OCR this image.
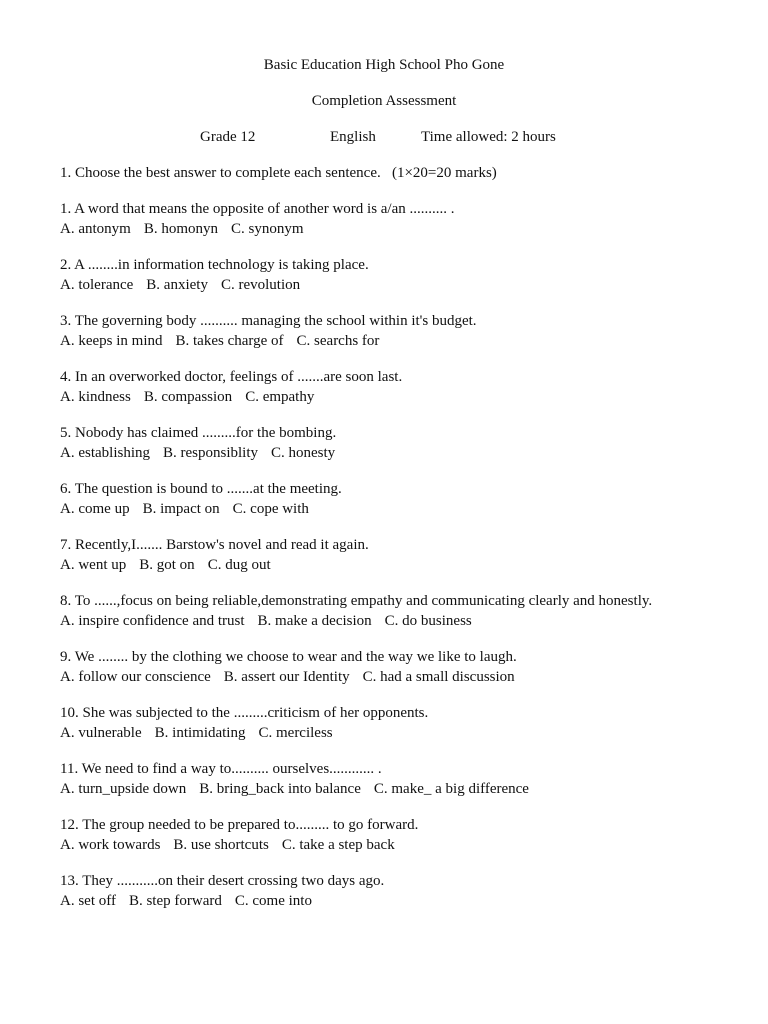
Basic Education High School Pho Gone
Completion Assessment
Grade 12	English	Time allowed: 2 hours
1. Choose the best answer to complete each sentence.   (1×20=20 marks)
1. A word that means the opposite of another word is a/an .......... .
A. antonym B. homonyn C. synonym
2. A ........in information technology is taking place.
A. tolerance B. anxiety C. revolution
3. The governing body .......... managing the school within it's budget.
A. keeps in mind B. takes charge of C. searchs for
4. In an overworked doctor, feelings of .......are soon last.
A. kindness B. compassion C. empathy
5. Nobody has claimed .........for the bombing.
A. establishing B. responsiblity C. honesty
6. The question is bound to .......at the meeting.
A. come up B. impact on C. cope with
7. Recently,I....... Barstow's novel and read it again.
A. went up B. got on C. dug out
8. To ......,focus on being reliable,demonstrating empathy and communicating clearly and honestly.
A. inspire confidence and trust B. make a decision C. do business
9. We ........ by the clothing we choose to wear and the way we like to laugh.
A. follow our conscience B. assert our Identity C. had a small discussion
10. She was subjected to the .........criticism of her opponents.
A. vulnerable B. intimidating C. merciless
11. We need to find a way to.......... ourselves............ .
A. turn_upside down B. bring_back into balance C. make_ a big difference
12. The group needed to be prepared to......... to go forward.
A. work towards B. use shortcuts C. take a step back
13. They ...........on their desert crossing two days ago.
A. set off B. step forward C. come into
